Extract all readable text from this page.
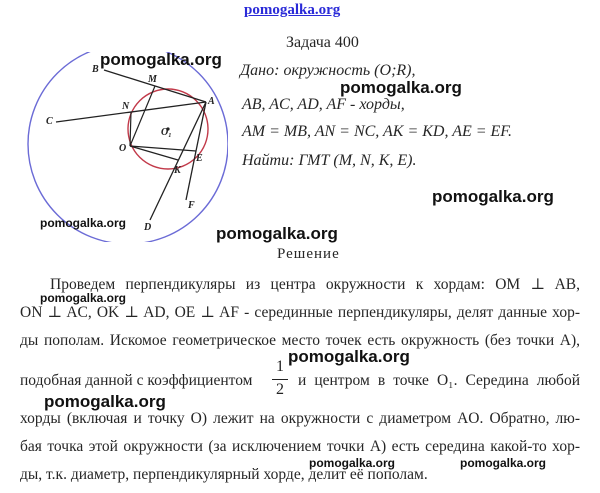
pomogalka.org
B
M
A
N
C
O₁
O
E
K
F
D
Задача 400
Дано: окружность (O;R),
AB, AC, AD, AF - хорды,
AM = MB, AN = NC, AK = KD, AE = EF.
Найти: ГМТ (M, N, K, E).
Решение
Проведем перпендикуляры из центра окружности к хордам: OM ⊥ AB,
ON ⊥ AC, OK ⊥ AD, OE ⊥ AF - серединные перпендикуляры, делят данные хор-
ды пополам. Искомое геометрическое место точек есть окружность (без точки A),
подобная данной с коэффициентом
1
2
и центром в точке O₁. Середина любой
хорды (включая и точку O) лежит на окружности с диаметром AO. Обратно, лю-
бая точка этой окружности (за исключением точки A) есть середина какой-то хор-
ды, т.к. диаметр, перпендикулярный хорде, делит её пополам.
pomogalka.org
pomogalka.org
pomogalka.org
pomogalka.org
pomogalka.org
pomogalka.org
pomogalka.org
pomogalka.org
pomogalka.org	pomogalka.org
